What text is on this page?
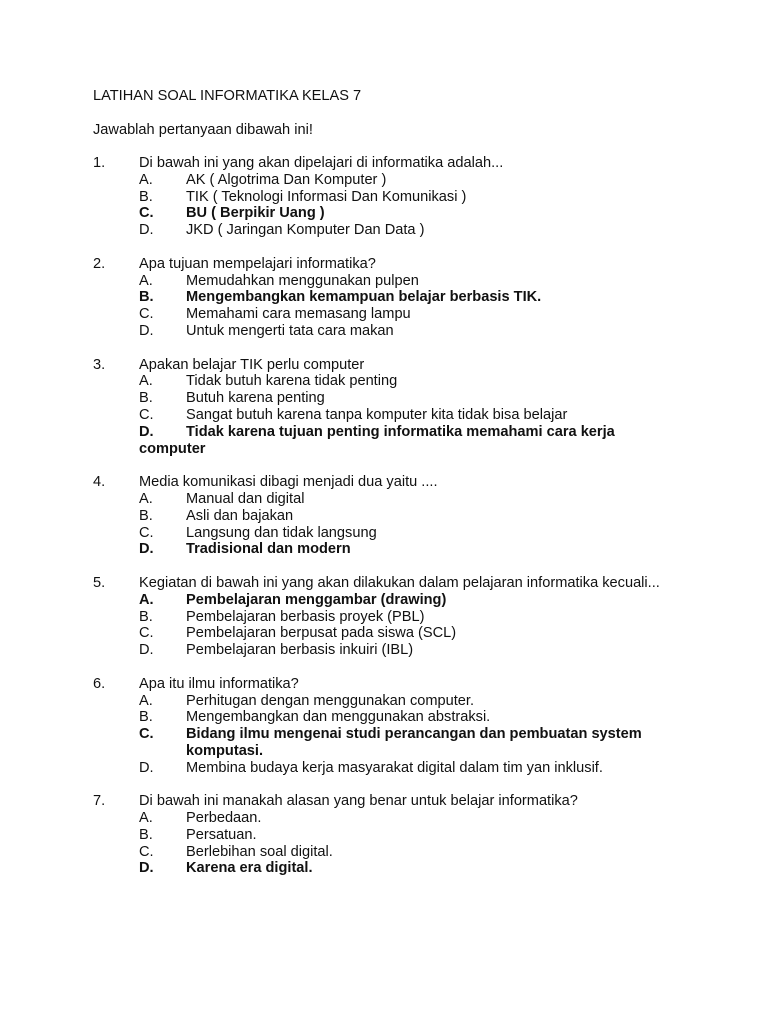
LATIHAN SOAL INFORMATIKA KELAS 7
Jawablah pertanyaan dibawah ini!
1. Di bawah ini yang akan dipelajari di informatika adalah...
A. AK ( Algotrima Dan Komputer )
B. TIK ( Teknologi Informasi Dan Komunikasi )
C. BU ( Berpikir Uang )
D. JKD ( Jaringan Komputer Dan Data )
2. Apa tujuan mempelajari informatika?
A. Memudahkan menggunakan pulpen
B. Mengembangkan kemampuan belajar berbasis TIK.
C. Memahami cara memasang lampu
D. Untuk mengerti tata cara makan
3. Apakan belajar TIK perlu computer
A. Tidak butuh karena tidak penting
B. Butuh karena penting
C. Sangat butuh karena tanpa komputer kita tidak bisa belajar
D.	Tidak karena tujuan penting informatika memahami cara kerja computer
4. Media komunikasi dibagi menjadi dua yaitu ....
A. Manual dan digital
B. Asli dan bajakan
C. Langsung dan tidak langsung
D. Tradisional dan modern
5. Kegiatan di bawah ini yang akan dilakukan dalam pelajaran informatika kecuali...
A. Pembelajaran menggambar (drawing)
B. Pembelajaran berbasis proyek (PBL)
C. Pembelajaran berpusat pada siswa (SCL)
D. Pembelajaran berbasis inkuiri (IBL)
6. Apa itu ilmu informatika?
A. Perhitugan dengan menggunakan computer.
B. Mengembangkan dan menggunakan abstraksi.
C. Bidang ilmu mengenai studi perancangan dan pembuatan system komputasi.
D. Membina budaya kerja masyarakat digital dalam tim yan inklusif.
7. Di bawah ini manakah alasan yang benar untuk belajar informatika?
A. Perbedaan.
B. Persatuan.
C. Berlebihan soal digital.
D. Karena era digital.
